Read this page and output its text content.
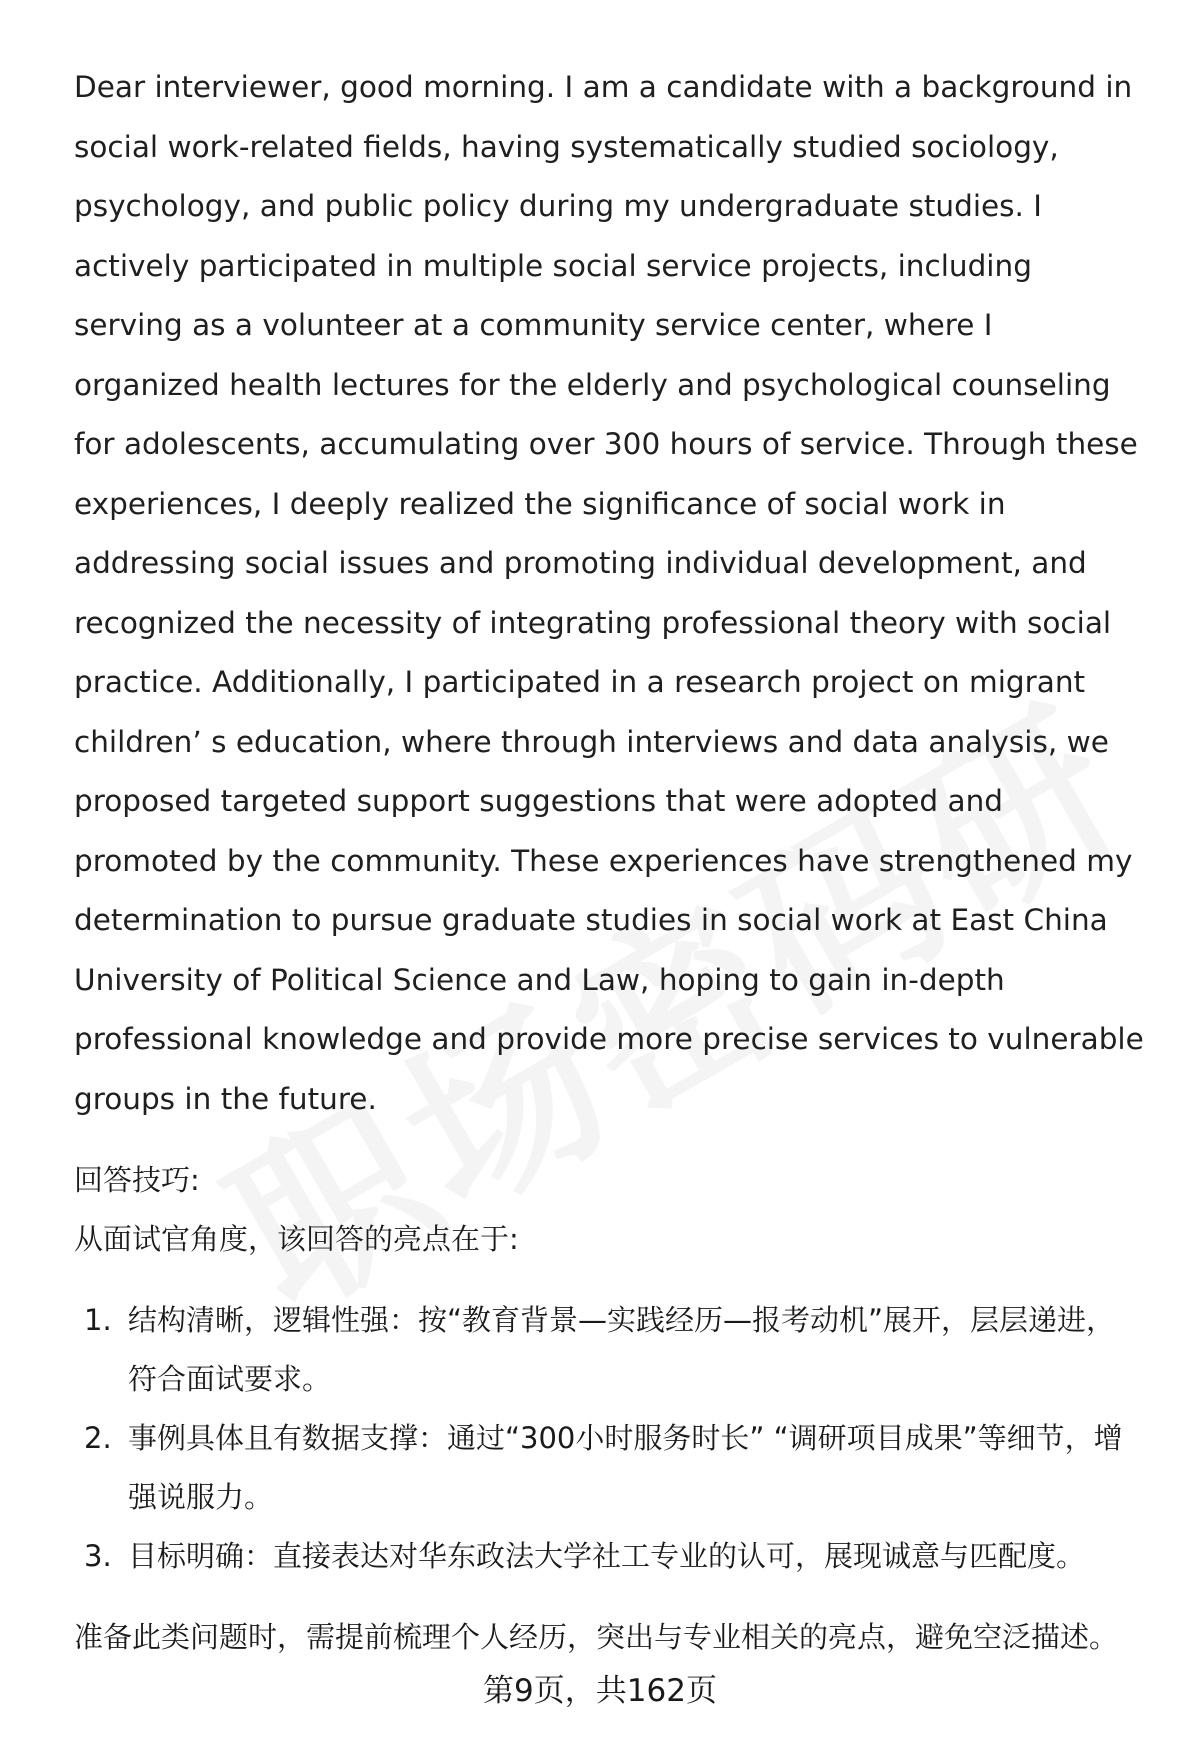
Dear interviewer, good morning. I am a candidate with a background in social work-related fields, having systematically studied sociology, psychology, and public policy during my undergraduate studies. I actively participated in multiple social service projects, including serving as a volunteer at a community service center, where I organized health lectures for the elderly and psychological counseling for adolescents, accumulating over 300 hours of service. Through these experiences, I deeply realized the significance of social work in addressing social issues and promoting individual development, and recognized the necessity of integrating professional theory with social practice. Additionally, I participated in a research project on migrant children’ s education, where through interviews and data analysis, we proposed targeted support suggestions that were adopted and promoted by the community. These experiences have strengthened my determination to pursue graduate studies in social work at East China University of Political Science and Law, hoping to gain in-depth professional knowledge and provide more precise services to vulnerable groups in the future.

回答技巧:

从面试官角度，该回答的亮点在于:

1. 结构清晰，逻辑性强：按“教育背景—实践经历—报考动机”展开，层层递进，符合面试要求。
2. 事例具体且有数据支撑：通过“300小时服务时长” “调研项目成果”等细节，增强说服力。
3. 目标明确：直接表达对华东政法大学社工专业的认可，展现诚意与匹配度。

准备此类问题时，需提前梳理个人经历，突出与专业相关的亮点，避免空泛描述。

第9页，共162页
